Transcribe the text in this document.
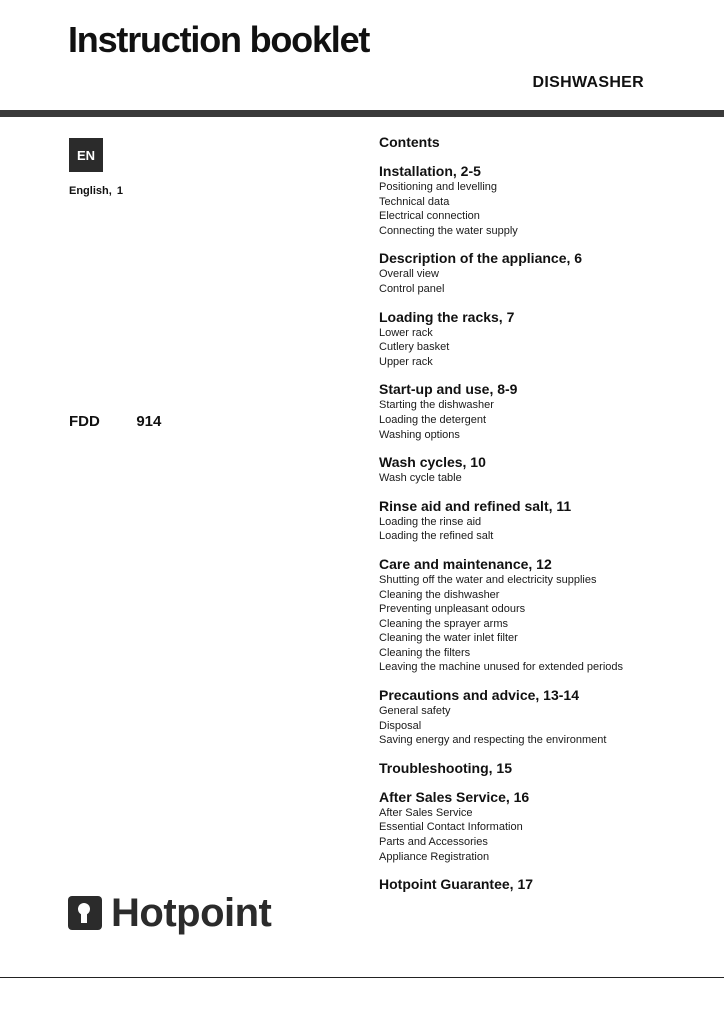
Instruction booklet
DISHWASHER
EN
English, 1
FDD   914
Contents
Installation, 2-5
Positioning and levelling
Technical data
Electrical connection
Connecting the water supply
Description of the appliance, 6
Overall view
Control panel
Loading the racks, 7
Lower rack
Cutlery basket
Upper rack
Start-up and use, 8-9
Starting the dishwasher
Loading the detergent
Washing options
Wash cycles, 10
Wash cycle table
Rinse aid and refined salt, 11
Loading the rinse aid
Loading the refined salt
Care and maintenance, 12
Shutting off the water and electricity supplies
Cleaning the dishwasher
Preventing unpleasant odours
Cleaning the sprayer arms
Cleaning the water inlet filter
Cleaning the filters
Leaving the machine unused for extended periods
Precautions and advice, 13-14
General safety
Disposal
Saving energy and respecting the environment
Troubleshooting, 15
After Sales Service, 16
After Sales Service
Essential Contact Information
Parts and Accessories
Appliance Registration
Hotpoint Guarantee, 17
Hotpoint
